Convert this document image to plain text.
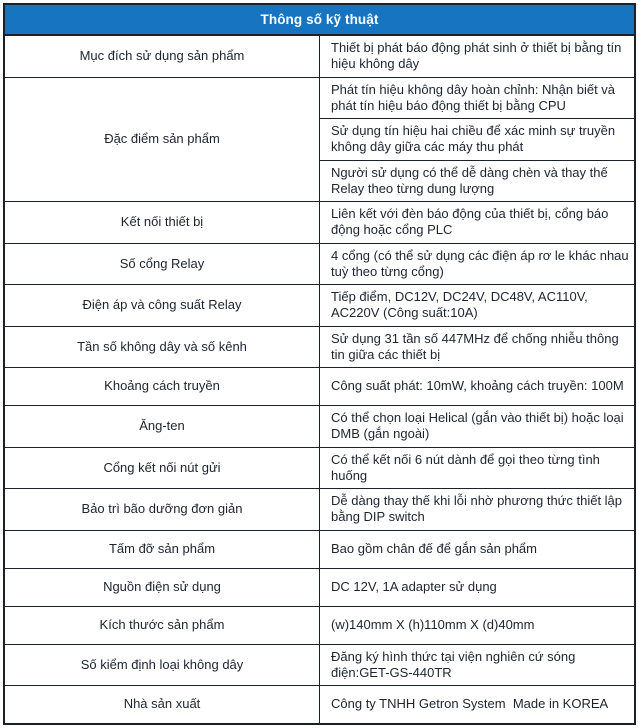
Thông số kỹ thuật	
Mục đích sử dụng sản phẩm	Thiết bị phát báo động phát sinh ở thiết bị bằng tín hiệu không dây
Đặc điểm sản phẩm	Phát tín hiệu không dây hoàn chỉnh: Nhận biết và phát tín hiệu báo động thiết bị bằng CPU
	Sử dụng tín hiệu hai chiều để xác minh sự truyền không dây giữa các máy thu phát
	Người sử dụng có thể dễ dàng chèn và thay thế Relay theo từng dung lượng
Kết nối thiết bị	Liên kết với đèn báo động của thiết bị, cổng báo động hoặc cổng PLC
Số cổng Relay	4 cổng (có thể sử dụng các điện áp rơ le khác nhau tuỳ theo từng cổng)
Điện áp và công suất Relay	Tiếp điểm, DC12V, DC24V, DC48V, AC110V, AC220V (Công suất:10A)
Tần số không dây và số kênh	Sử dụng 31 tần số 447MHz để chống nhiễu thông tin giữa các thiết bị
Khoảng cách truyền	Công suất phát: 10mW, khoảng cách truyền: 100M
Ăng-ten	Có thể chọn loại Helical (gắn vào thiết bị) hoặc loại DMB (gắn ngoài)
Cổng kết nối nút gửi	Có thể kết nối 6 nút dành để gọi theo từng tình huống
Bảo trì bão dưỡng đơn giản	Dễ dàng thay thế khi lỗi nhờ phương thức thiết lập bằng DIP switch
Tấm đỡ sản phẩm	Bao gồm chân đế để gắn sản phẩm
Nguồn điện sử dụng	DC 12V, 1A adapter sử dụng
Kích thước sản phẩm	(w)140mm X (h)110mm X (d)40mm
Số kiểm định loại không dây	Đăng ký hình thức tại viện nghiên cứ sóng điện:GET-GS-440TR
Nhà sản xuất	Công ty TNHH Getron System  Made in KOREA
